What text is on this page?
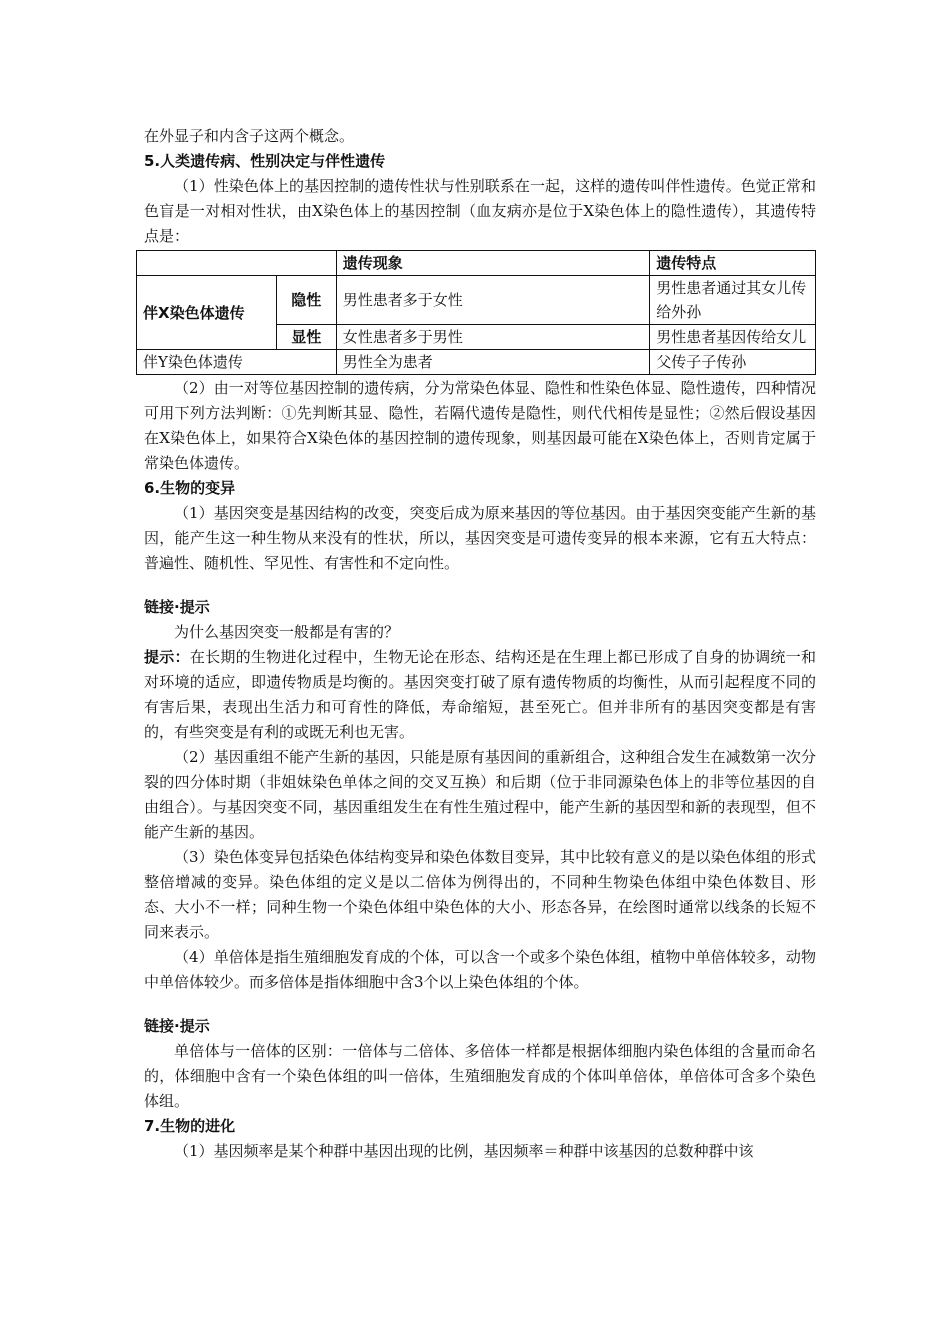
在外显子和内含子这两个概念。

5.人类遗传病、性别决定与伴性遗传

（1）性染色体上的基因控制的遗传性状与性别联系在一起，这样的遗传叫伴性遗传。色觉正常和色盲是一对相对性状，由X染色体上的基因控制（血友病亦是位于X染色体上的隐性遗传），其遗传特点是：

		遗传现象	遗传特点
伴X染色体遗传	隐性	男性患者多于女性	男性患者通过其女儿传给外孙
	显性	女性患者多于男性	男性患者基因传给女儿
伴Y染色体遗传		男性全为患者	父传子子传孙

（2）由一对等位基因控制的遗传病，分为常染色体显、隐性和性染色体显、隐性遗传，四种情况可用下列方法判断：①先判断其显、隐性，若隔代遗传是隐性，则代代相传是显性；②然后假设基因在X染色体上，如果符合X染色体的基因控制的遗传现象，则基因最可能在X染色体上，否则肯定属于常染色体遗传。

6.生物的变异

（1）基因突变是基因结构的改变，突变后成为原来基因的等位基因。由于基因突变能产生新的基因，能产生这一种生物从来没有的性状，所以，基因突变是可遗传变异的根本来源，它有五大特点：普遍性、随机性、罕见性、有害性和不定向性。

链接·提示

为什么基因突变一般都是有害的？

提示：在长期的生物进化过程中，生物无论在形态、结构还是在生理上都已形成了自身的协调统一和对环境的适应，即遗传物质是均衡的。基因突变打破了原有遗传物质的均衡性，从而引起程度不同的有害后果，表现出生活力和可育性的降低，寿命缩短，甚至死亡。但并非所有的基因突变都是有害的，有些突变是有利的或既无利也无害。

（2）基因重组不能产生新的基因，只能是原有基因间的重新组合，这种组合发生在减数第一次分裂的四分体时期（非姐妹染色单体之间的交叉互换）和后期（位于非同源染色体上的非等位基因的自由组合）。与基因突变不同，基因重组发生在有性生殖过程中，能产生新的基因型和新的表现型，但不能产生新的基因。

（3）染色体变异包括染色体结构变异和染色体数目变异，其中比较有意义的是以染色体组的形式整倍增减的变异。染色体组的定义是以二倍体为例得出的，不同种生物染色体组中染色体数目、形态、大小不一样；同种生物一个染色体组中染色体的大小、形态各异，在绘图时通常以线条的长短不同来表示。

（4）单倍体是指生殖细胞发育成的个体，可以含一个或多个染色体组，植物中单倍体较多，动物中单倍体较少。而多倍体是指体细胞中含3个以上染色体组的个体。

链接·提示

单倍体与一倍体的区别：一倍体与二倍体、多倍体一样都是根据体细胞内染色体组的含量而命名的，体细胞中含有一个染色体组的叫一倍体，生殖细胞发育成的个体叫单倍体，单倍体可含多个染色体组。

7.生物的进化

（1）基因频率是某个种群中基因出现的比例，基因频率＝种群中该基因的总数种群中该
